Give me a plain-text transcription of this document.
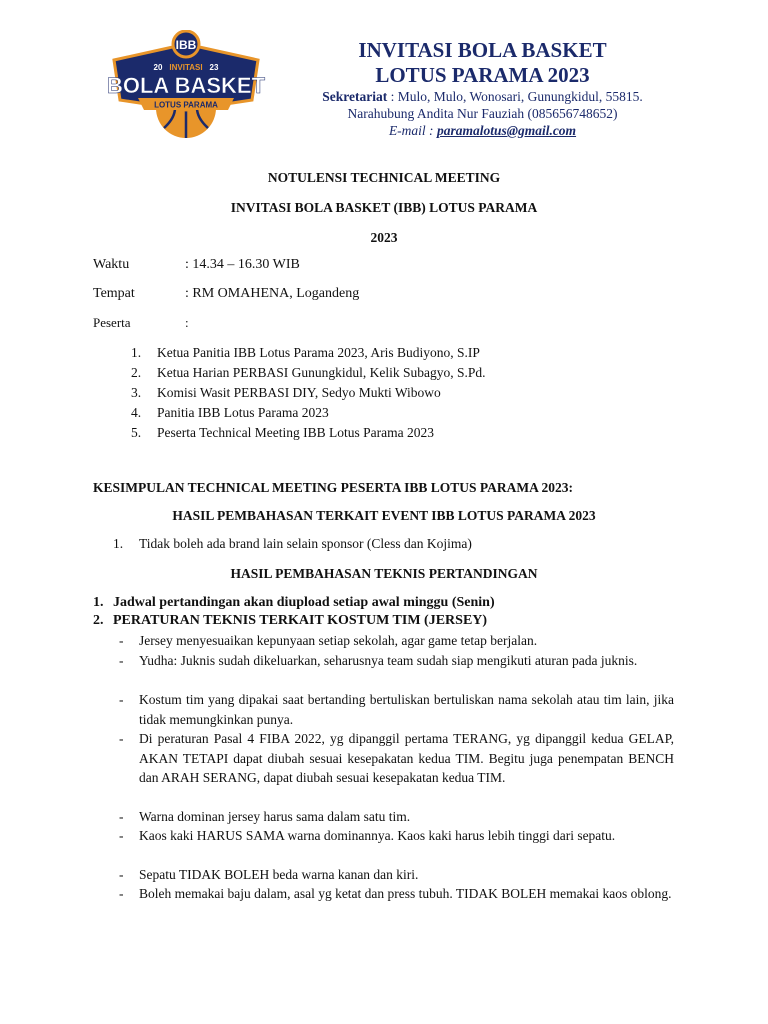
IBB
20 INVITASI 23
BOLA BASKET
LOTUS PARAMA
INVITASI BOLA BASKET
LOTUS PARAMA 2023
Sekretariat : Mulo, Mulo, Wonosari, Gunungkidul, 55815.
Narahubung Andita Nur Fauziah (085656748652)
E-mail : paramalotus@gmail.com
NOTULENSI TECHNICAL MEETING
INVITASI BOLA BASKET (IBB) LOTUS PARAMA
2023
Waktu	: 14.34 – 16.30 WIB
Tempat	: RM OMAHENA, Logandeng
Peserta	:
1. Ketua Panitia IBB Lotus Parama 2023, Aris Budiyono, S.IP
2. Ketua Harian PERBASI Gunungkidul, Kelik Subagyo, S.Pd.
3. Komisi Wasit PERBASI DIY, Sedyo Mukti Wibowo
4. Panitia IBB Lotus Parama 2023
5. Peserta Technical Meeting IBB Lotus Parama 2023
KESIMPULAN TECHNICAL MEETING PESERTA IBB LOTUS PARAMA 2023:
HASIL PEMBAHASAN TERKAIT EVENT IBB LOTUS PARAMA 2023
1. Tidak boleh ada brand lain selain sponsor (Cless dan Kojima)
HASIL PEMBAHASAN TEKNIS PERTANDINGAN
1. Jadwal pertandingan akan diupload setiap awal minggu (Senin)
2. PERATURAN TEKNIS TERKAIT KOSTUM TIM (JERSEY)
- Jersey menyesuaikan kepunyaan setiap sekolah, agar game tetap berjalan.
- Yudha: Juknis sudah dikeluarkan, seharusnya team sudah siap mengikuti aturan pada juknis.
- Kostum tim yang dipakai saat bertanding bertuliskan bertuliskan nama sekolah atau tim lain, jika tidak memungkinkan punya.
- Di peraturan Pasal 4 FIBA 2022, yg dipanggil pertama TERANG, yg dipanggil kedua GELAP, AKAN TETAPI dapat diubah sesuai kesepakatan kedua TIM. Begitu juga penempatan BENCH dan ARAH SERANG, dapat diubah sesuai kesepakatan kedua TIM.
- Warna dominan jersey harus sama dalam satu tim.
- Kaos kaki HARUS SAMA warna dominannya. Kaos kaki harus lebih tinggi dari sepatu.
- Sepatu TIDAK BOLEH beda warna kanan dan kiri.
- Boleh memakai baju dalam, asal yg ketat dan press tubuh. TIDAK BOLEH memakai kaos oblong.
